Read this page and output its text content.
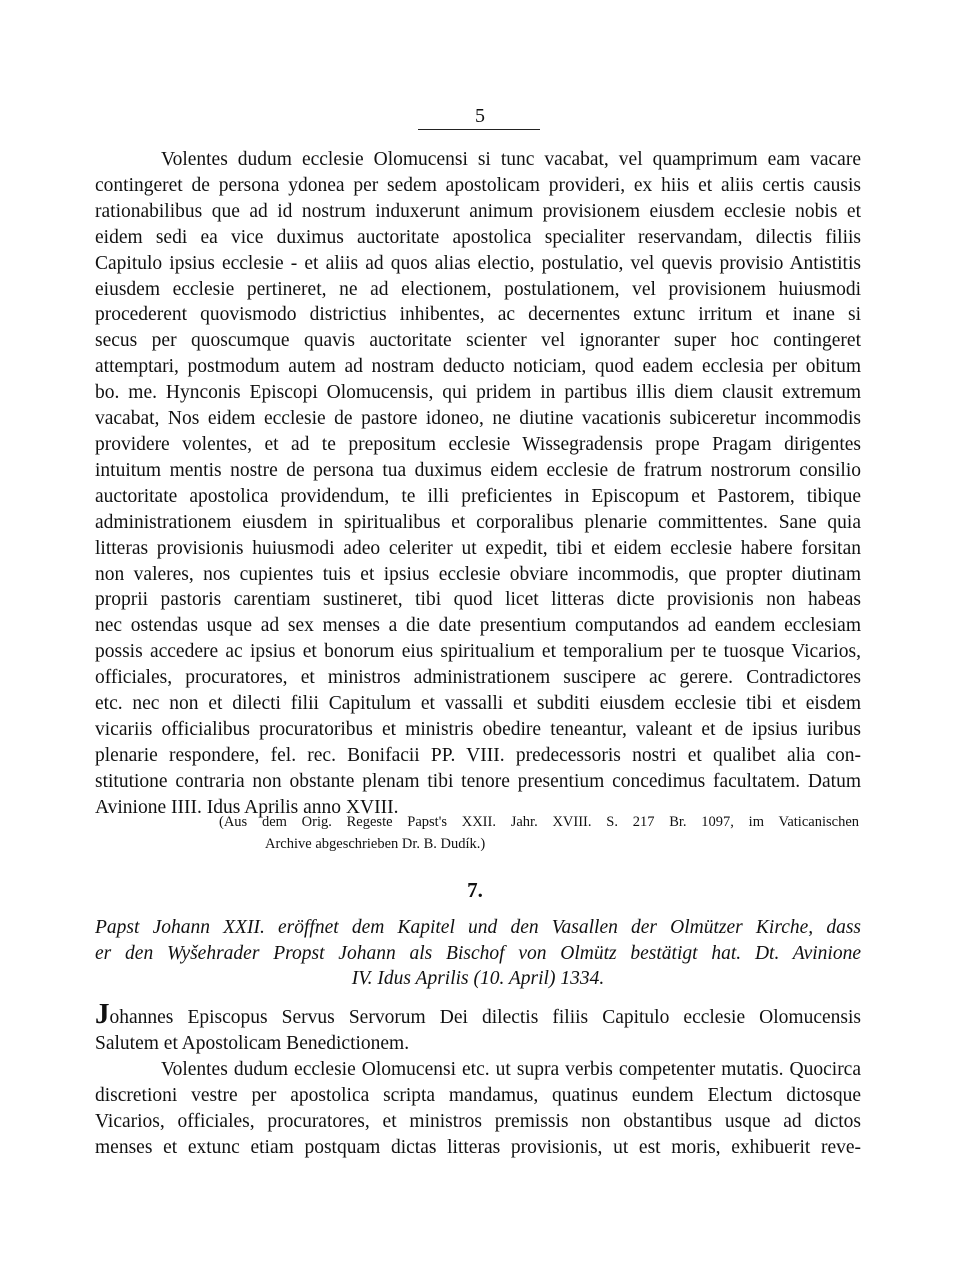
5
Volentes dudum ecclesie Olomucensi si tunc vacabat, vel quamprimum eam vacare
contingeret de persona ydonea per sedem apostolicam provideri, ex hiis et aliis certis causis
rationabilibus que ad id nostrum induxerunt animum provisionem eiusdem ecclesie nobis et
eidem sedi ea vice duximus auctoritate apostolica specialiter reservandam, dilectis filiis
Capitulo ipsius ecclesie - et aliis ad quos alias electio, postulatio, vel quevis provisio Antistitis
eiusdem ecclesie pertineret, ne ad electionem, postulationem, vel provisionem huiusmodi
procederent quovismodo districtius inhibentes, ac decernentes extunc irritum et inane si
secus per quoscumque quavis auctoritate scienter vel ignoranter super hoc contingeret
attemptari, postmodum autem ad nostram deducto noticiam, quod eadem ecclesia per obitum
bo. me. Hynconis Episcopi Olomucensis, qui pridem in partibus illis diem clausit extremum
vacabat, Nos eidem ecclesie de pastore idoneo, ne diutine vacationis subiceretur incommodis
providere volentes, et ad te prepositum ecclesie Wissegradensis prope Pragam dirigentes
intuitum mentis nostre de persona tua duximus eidem ecclesie de fratrum nostrorum consilio
auctoritate apostolica providendum, te illi preficientes in Episcopum et Pastorem, tibique
administrationem eiusdem in spiritualibus et corporalibus plenarie committentes. Sane quia
litteras provisionis huiusmodi adeo celeriter ut expedit, tibi et eidem ecclesie habere forsitan
non valeres, nos cupientes tuis et ipsius ecclesie obviare incommodis, que propter diutinam
proprii pastoris carentiam sustineret, tibi quod licet litteras dicte provisionis non habeas
nec ostendas usque ad sex menses a die date presentium computandos ad eandem ecclesiam
possis accedere ac ipsius et bonorum eius spiritualium et temporalium per te tuosque Vicarios,
officiales, procuratores, et ministros administrationem suscipere ac gerere. Contradictores
etc. nec non et dilecti filii Capitulum et vassalli et subditi eiusdem ecclesie tibi et eisdem
vicariis officialibus procuratoribus et ministris obedire teneantur, valeant et de ipsius iuribus
plenarie respondere, fel. rec. Bonifacii PP. VIII. predecessoris nostri et qualibet alia con-
stitutione contraria non obstante plenam tibi tenore presentium concedimus facultatem. Datum
Avinione IIII. Idus Aprilis anno XVIII.
(Aus dem Orig. Regeste Papst's XXII. Jahr. XVIII. S. 217 Br. 1097, im Vaticanischen
Archive abgeschrieben Dr. B. Dudík.)
7.
Papst Johann XXII. eröffnet dem Kapitel und den Vasallen der Olmützer Kirche, dass
er den Wyšehrader Propst Johann als Bischof von Olmütz bestätigt hat. Dt. Avinione
IV. Idus Aprilis (10. April) 1334.
Johannes Episcopus Servus Servorum Dei dilectis filiis Capitulo ecclesie Olomucensis
Salutem et Apostolicam Benedictionem.
Volentes dudum ecclesie Olomucensi etc. ut supra verbis competenter mutatis. Quocirca
discretioni vestre per apostolica scripta mandamus, quatinus eundem Electum dictosque
Vicarios, officiales, procuratores, et ministros premissis non obstantibus usque ad dictos
menses et extunc etiam postquam dictas litteras provisionis, ut est moris, exhibuerit reve-
